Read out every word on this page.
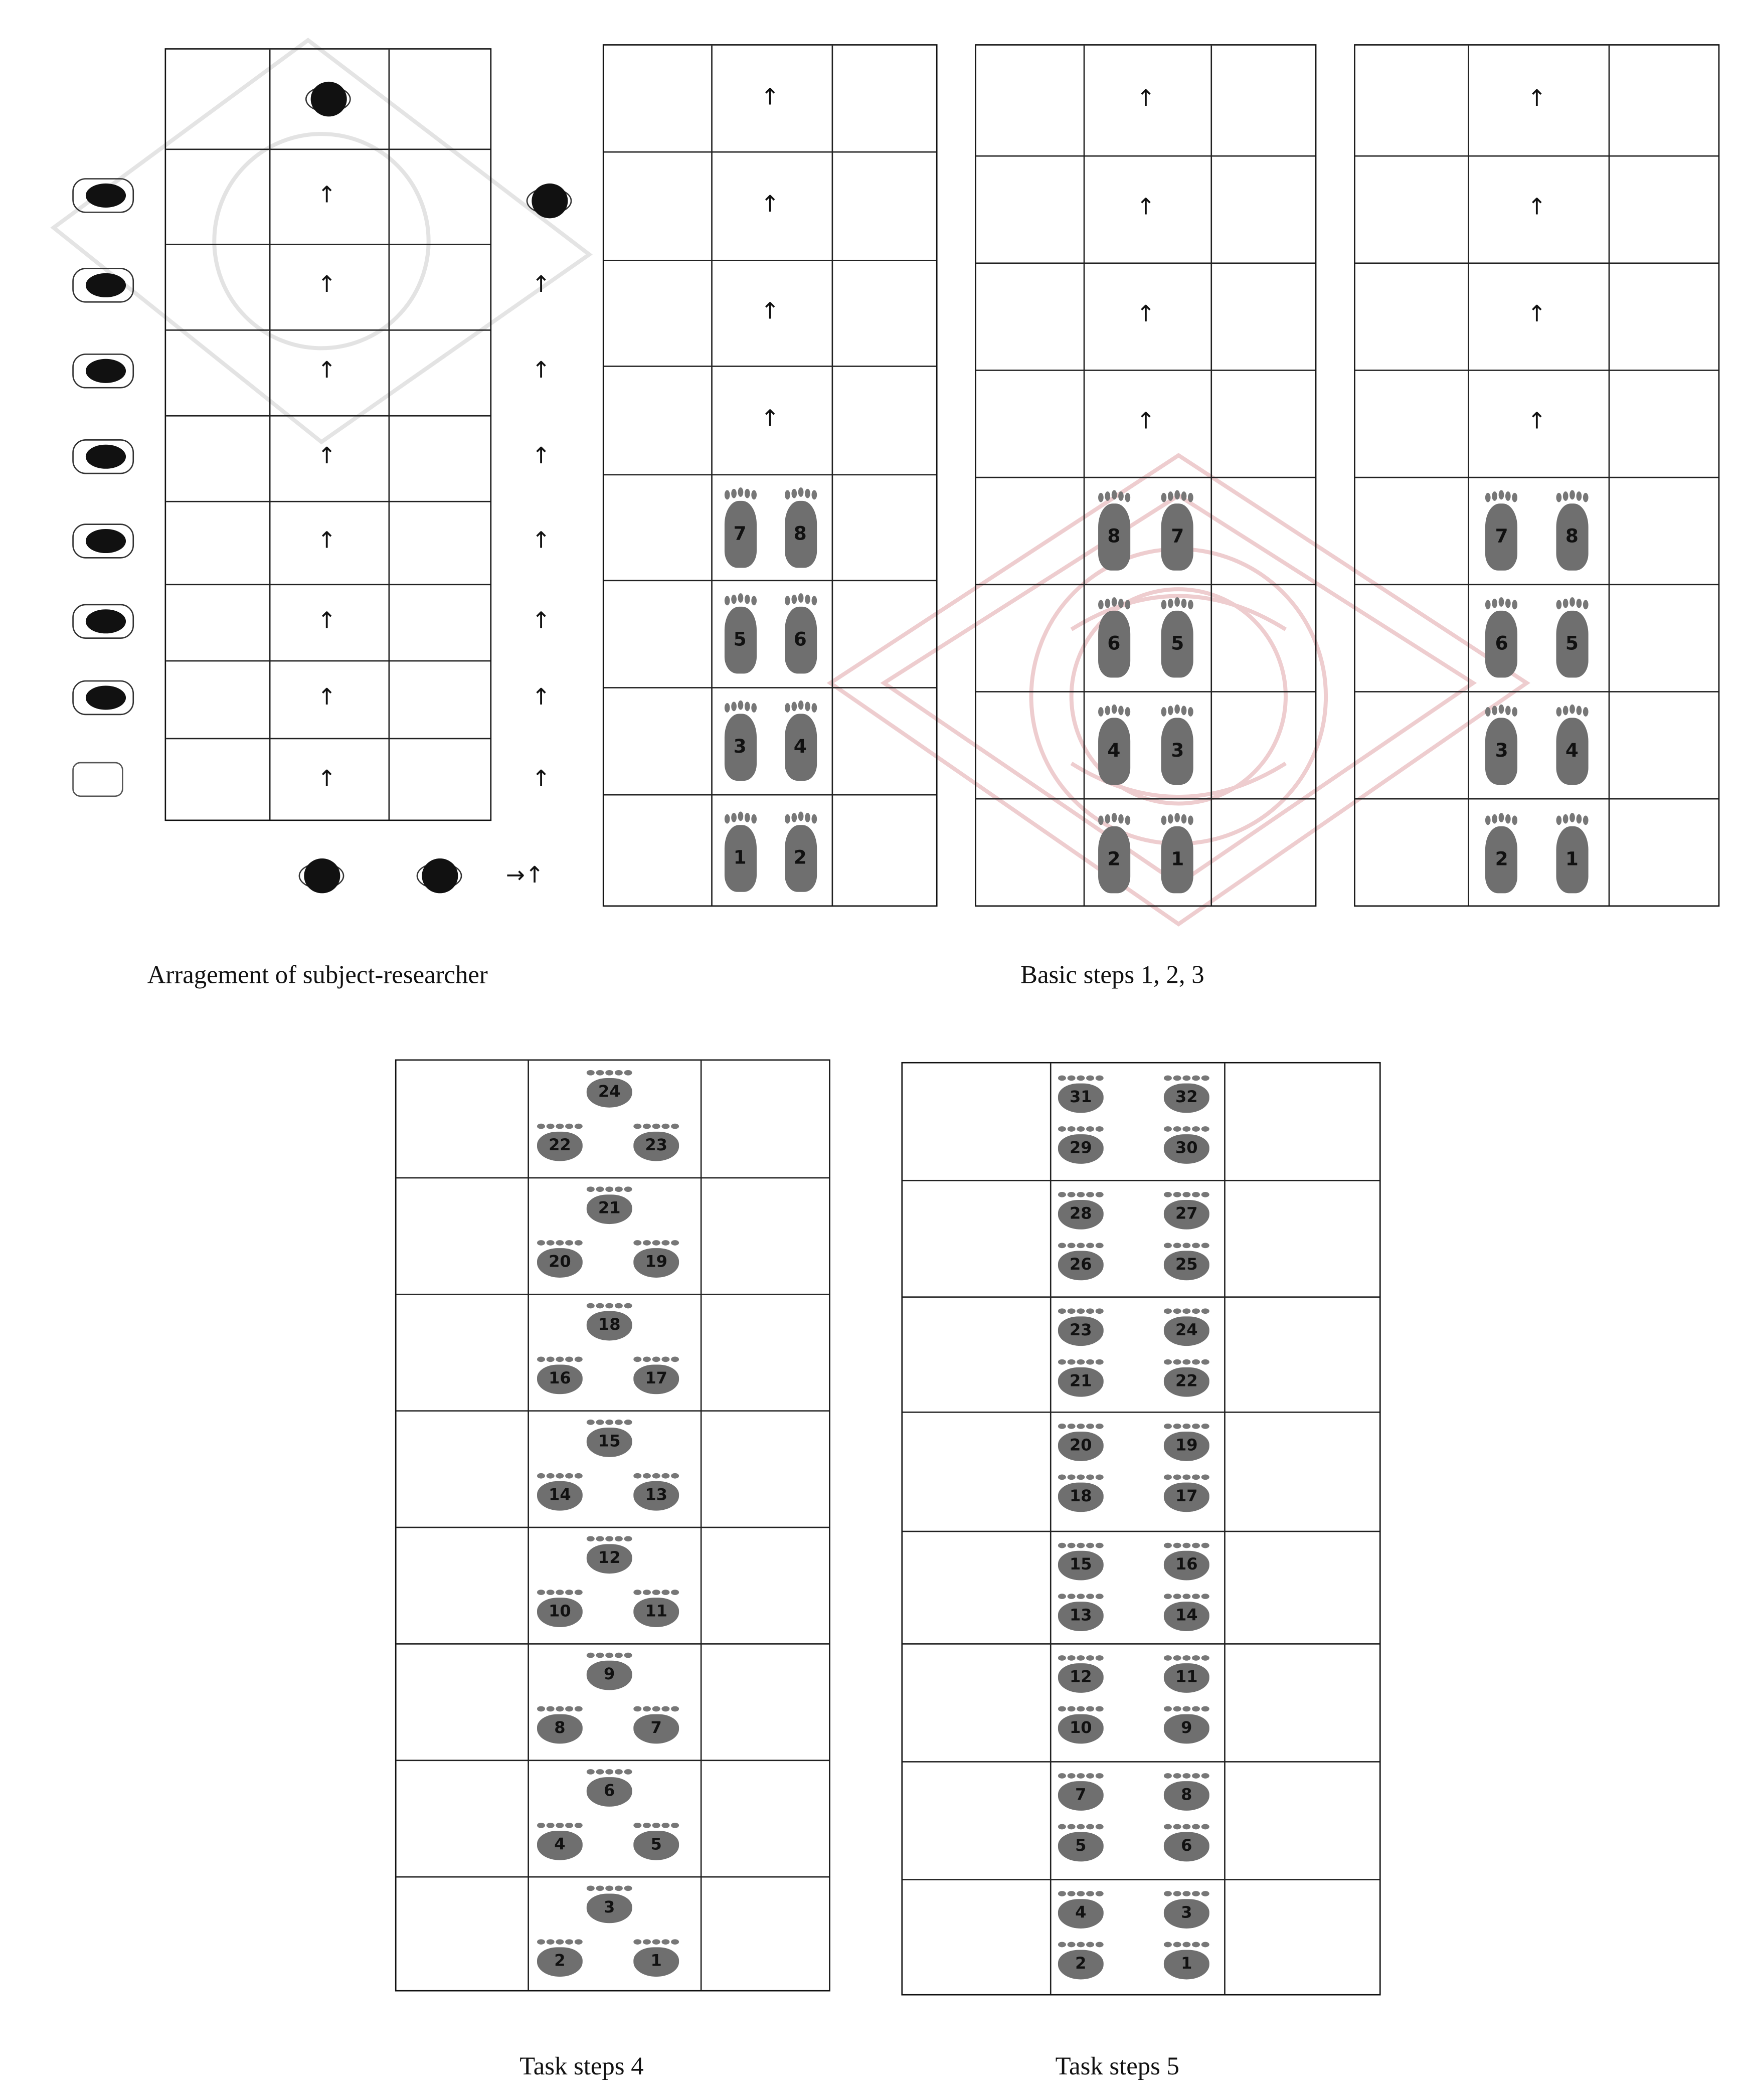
Arragement of subject-researcher	Basic steps 1, 2, 3
Task steps 4	Task steps 5
↑
↑
↑
↑
↑
↑
↑
↑
↑
↑
↑
↑
↑
↑
↑
→↑
↑
↑
↑
↑
7	8
5	6
3	4
1	2
↑
↑
↑
↑
8	7
6	5
4	3
2	1
↑
↑
↑
↑
7	8
6	5
3	4
2	1
24
22	23
21
20	19
18
16	17
15
14	13
12
10	11
9
8	7
6
4	5
3
2	1
31	32
29	30
28	27
26	25
23	24
21	22
20	19
18	17
15	16
13	14
12	11
10	9
7	8
5	6
4	3
2	1
